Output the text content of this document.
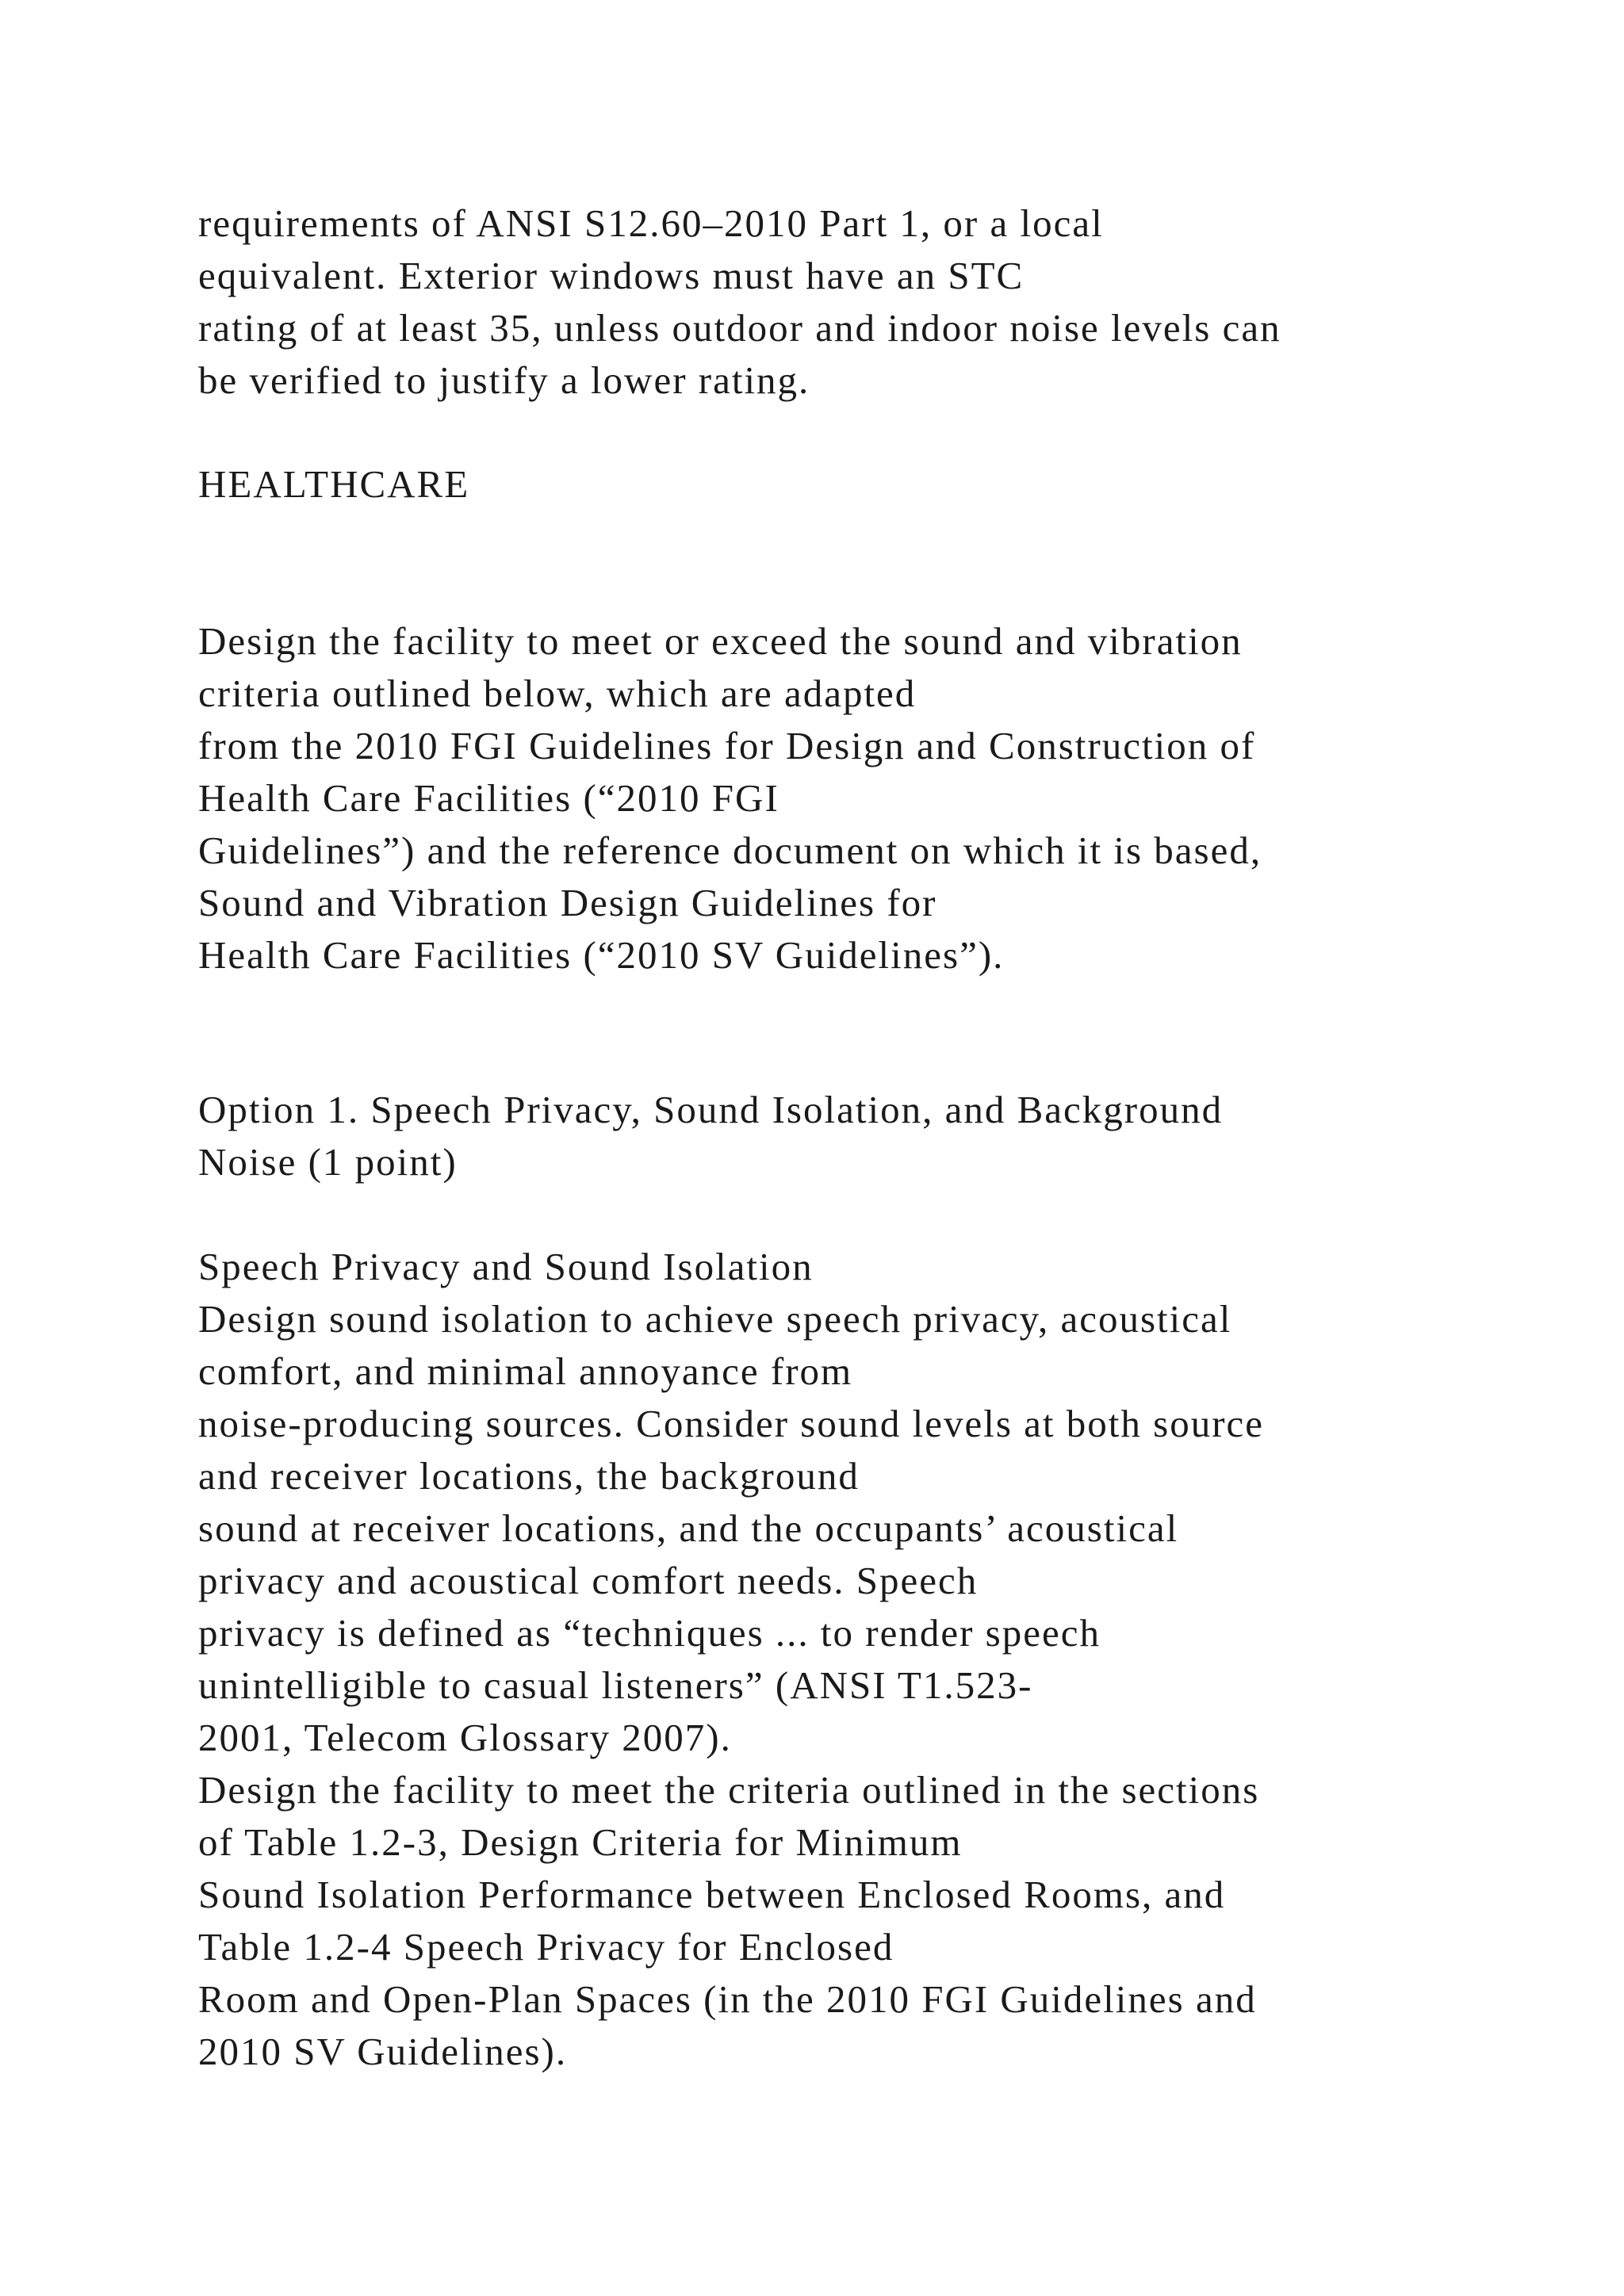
requirements of ANSI S12.60–2010 Part 1, or a local
equivalent. Exterior windows must have an STC
rating of at least 35, unless outdoor and indoor noise levels can
be verified to justify a lower rating.
HEALTHCARE
Design the facility to meet or exceed the sound and vibration
criteria outlined below, which are adapted
from the 2010 FGI Guidelines for Design and Construction of
Health Care Facilities (“2010 FGI
Guidelines”) and the reference document on which it is based,
Sound and Vibration Design Guidelines for
Health Care Facilities (“2010 SV Guidelines”).
Option 1. Speech Privacy, Sound Isolation, and Background
Noise (1 point)
Speech Privacy and Sound Isolation
Design sound isolation to achieve speech privacy, acoustical
comfort, and minimal annoyance from
noise-producing sources. Consider sound levels at both source
and receiver locations, the background
sound at receiver locations, and the occupants’ acoustical
privacy and acoustical comfort needs. Speech
privacy is defined as “techniques ... to render speech
unintelligible to casual listeners” (ANSI T1.523-
2001, Telecom Glossary 2007).
Design the facility to meet the criteria outlined in the sections
of Table 1.2-3, Design Criteria for Minimum
Sound Isolation Performance between Enclosed Rooms, and
Table 1.2-4 Speech Privacy for Enclosed
Room and Open-Plan Spaces (in the 2010 FGI Guidelines and
2010 SV Guidelines).
